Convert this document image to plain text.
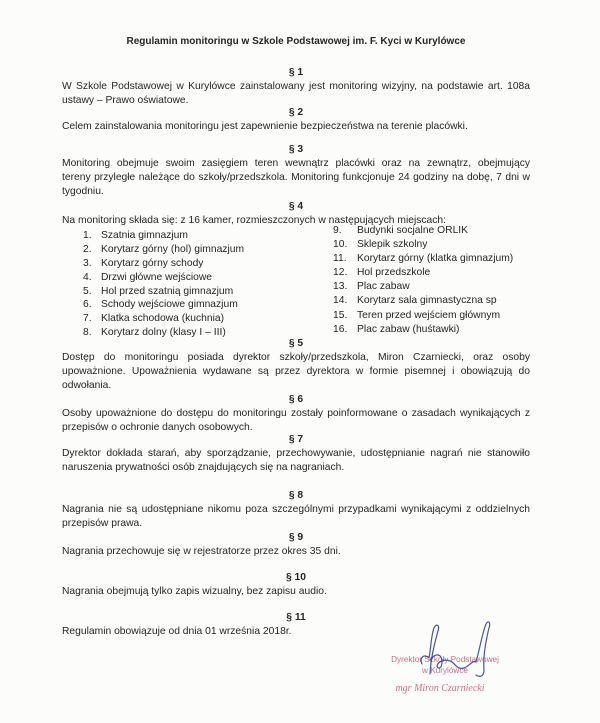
Regulamin monitoringu w Szkole Podstawowej im. F. Kyci w Kurylówce
§ 1
W Szkole Podstawowej w Kurylówce zainstalowany jest monitoring wizyjny, na podstawie art. 108a
ustawy – Prawo oświatowe.
§ 2
Celem zainstalowania monitoringu jest zapewnienie bezpieczeństwa na terenie placówki.
§ 3
Monitoring obejmuje swoim zasięgiem teren wewnątrz placówki oraz na zewnątrz, obejmujący
tereny przyległe należące do szkoły/przedszkola. Monitoring funkcjonuje 24 godziny na dobę, 7 dni w
tygodniu.
§ 4
Na monitoring składa się: z 16 kamer, rozmieszczonych w następujących miejscach:
1. Szatnia gimnazjum
2. Korytarz górny (hol) gimnazjum
3. Korytarz górny schody
4. Drzwi główne wejściowe
5. Hol przed szatnią gimnazjum
6. Schody wejściowe gimnazjum
7. Klatka schodowa (kuchnia)
8. Korytarz dolny (klasy I – III)
9.	Budynki socjalne ORLIK
10. Sklepik szkolny
11.	Korytarz górny (klatka gimnazjum)
12. Hol przedszkole
13. Plac zabaw
14. Korytarz sala gimnastyczna sp
15. Teren przed wejściem głównym
16. Plac zabaw (huśtawki)
§ 5
Dostęp do monitoringu posiada dyrektor szkoły/przedszkola, Miron Czarniecki, oraz osoby
upoważnione. Upoważnienia wydawane są przez dyrektora w formie pisemnej i obowiązują do
odwołania.
§ 6
Osoby upoważnione do dostępu do monitoringu zostały poinformowane o zasadach wynikających z
przepisów o ochronie danych osobowych.
§ 7
Dyrektor dokłada starań, aby sporządzanie, przechowywanie, udostępnianie nagrań nie stanowiło
naruszenia prywatności osób znajdujących się na nagraniach.
§ 8
Nagrania nie są udostępniane nikomu poza szczególnymi przypadkami wynikającymi z oddzielnych
przepisów prawa.
§ 9
Nagrania przechowuje się w rejestratorze przez okres 35 dni.
§ 10
Nagrania obejmują tylko zapis wizualny, bez zapisu audio.
§ 11
Regulamin obowiązuje od dnia 01 września 2018r.
Dyrektor Szkoły Podstawowej
w Kurylówce
mgr Miron Czarniecki
